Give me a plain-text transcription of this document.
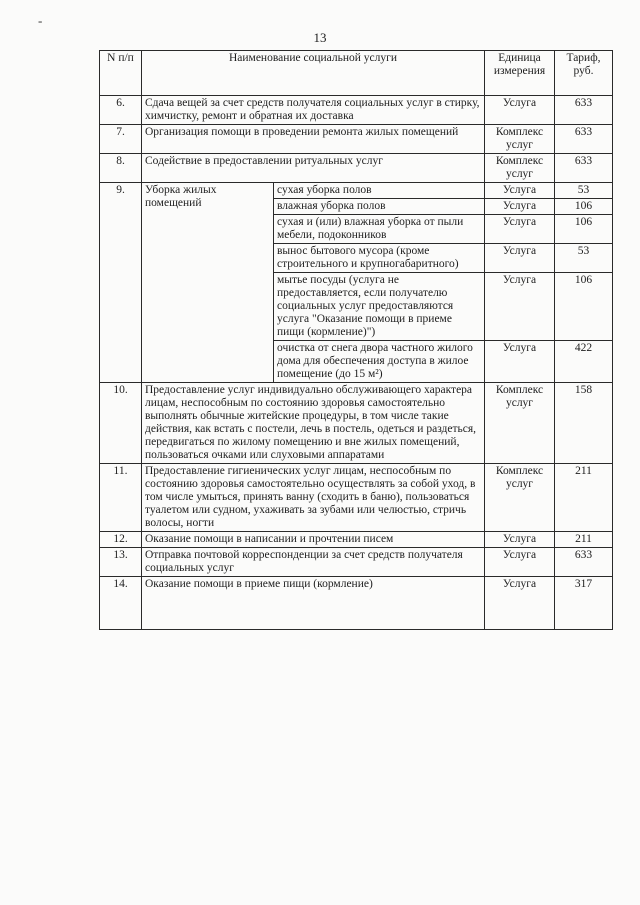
-
13
N п/п	Наименование социальной услуги		Единица измерения	Тариф, руб.
6.	Сдача вещей за счет средств получателя социальных услуг в стирку, химчистку, ремонт и обратная их доставка		Услуга	633
7.	Организация помощи в проведении ремонта жилых помещений		Комплекс услуг	633
8.	Содействие в предоставлении ритуальных услуг		Комплекс услуг	633
9.	Уборка жилых помещений	сухая уборка полов	Услуга	53
		влажная уборка полов	Услуга	106
		сухая и (или) влажная уборка от пыли мебели, подоконников	Услуга	106
		вынос бытового мусора (кроме строительного и крупногабаритного)	Услуга	53
		мытье посуды (услуга не предоставляется, если получателю социальных услуг предоставляются услуга "Оказание помощи в приеме пищи (кормление)")	Услуга	106
		очистка от снега двора частного жилого дома для обеспечения доступа в жилое помещение (до 15 м²)	Услуга	422
10.	Предоставление услуг индивидуально обслуживающего характера лицам, неспособным по состоянию здоровья самостоятельно выполнять обычные житейские процедуры, в том числе такие действия, как встать с постели, лечь в постель, одеться и раздеться, передвигаться по жилому помещению и вне жилых помещений, пользоваться очками или слуховыми аппаратами		Комплекс услуг	158
11.	Предоставление гигиенических услуг лицам, неспособным по состоянию здоровья самостоятельно осуществлять за собой уход, в том числе умыться, принять ванну (сходить в баню), пользоваться туалетом или судном, ухаживать за зубами или челюстью, стричь волосы, ногти		Комплекс услуг	211
12.	Оказание помощи в написании и прочтении писем		Услуга	211
13.	Отправка почтовой корреспонденции за счет средств получателя социальных услуг		Услуга	633
14.	Оказание помощи в приеме пищи (кормление)		Услуга	317
